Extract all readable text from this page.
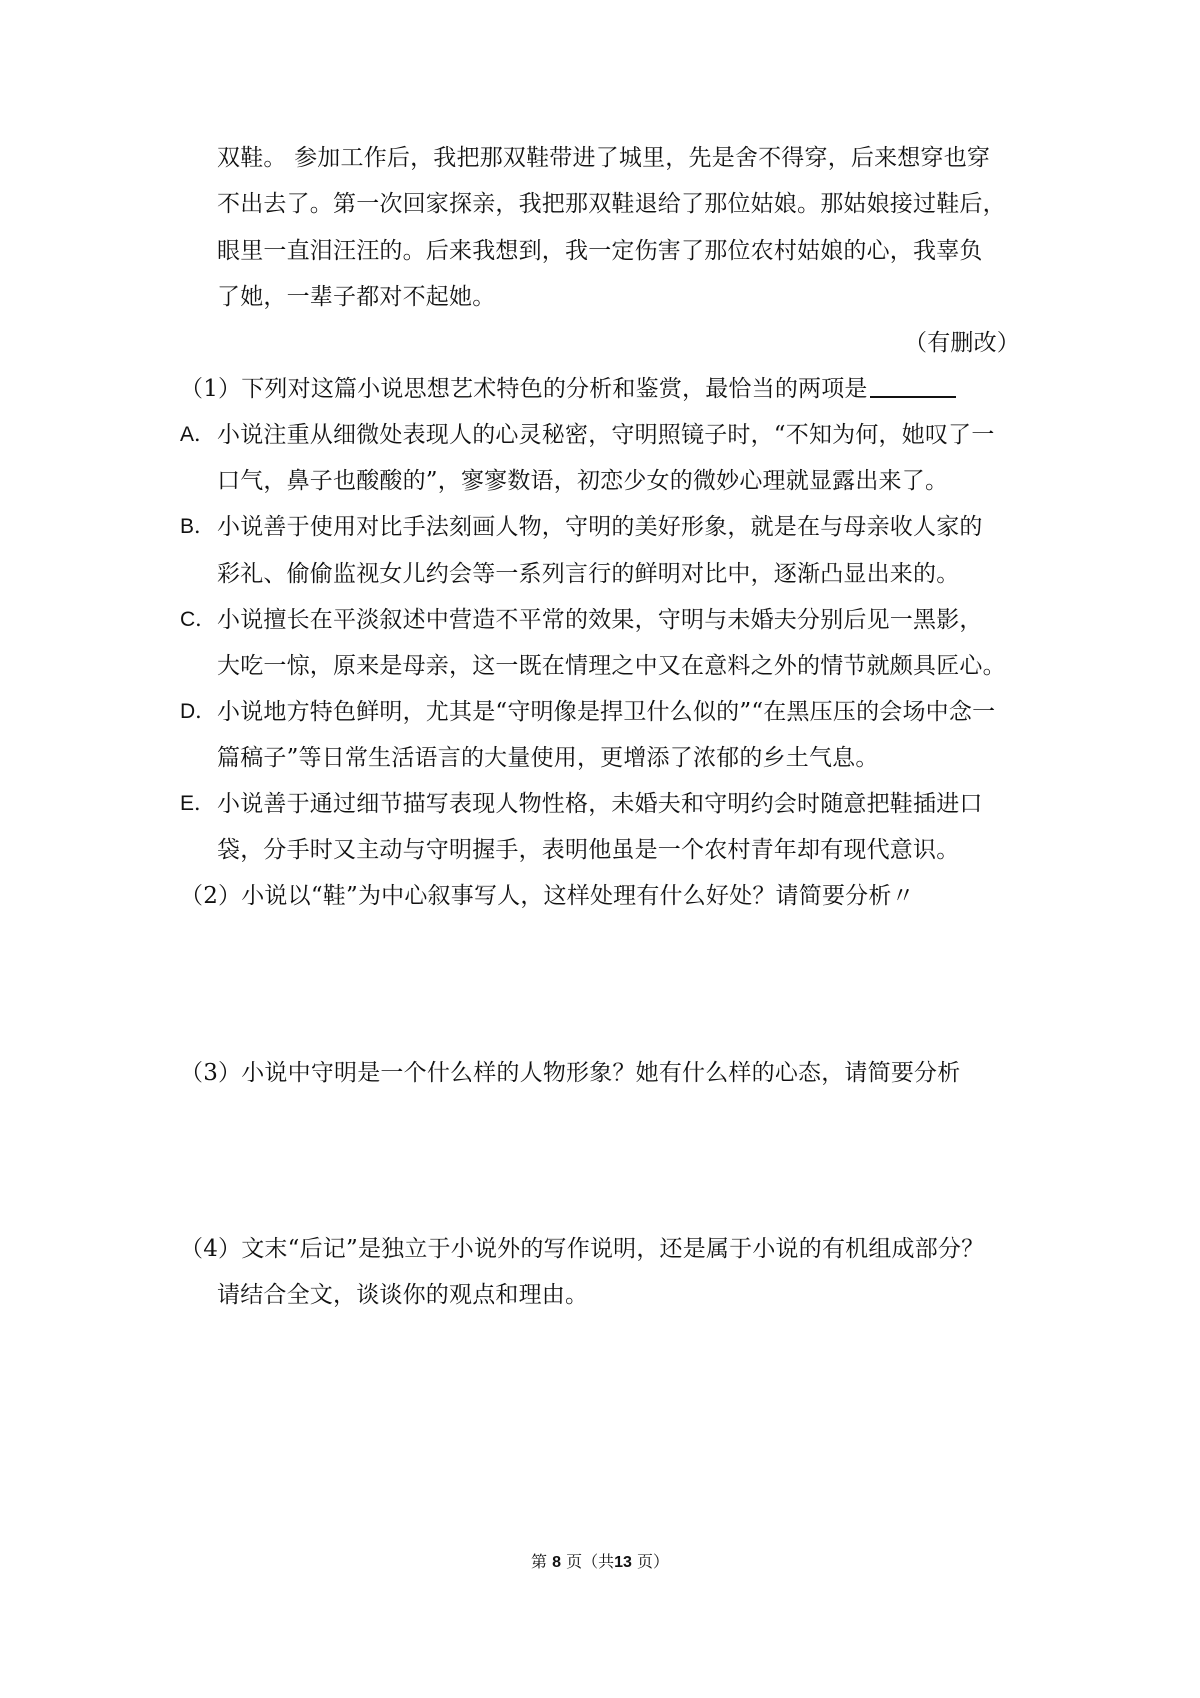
双鞋。 参加工作后，我把那双鞋带进了城里，先是舍不得穿，后来想穿也穿
不出去了。第一次回家探亲，我把那双鞋退给了那位姑娘。那姑娘接过鞋后，
眼里一直泪汪汪的。后来我想到，我一定伤害了那位农村姑娘的心，我辜负
了她，一辈子都对不起她。
（有删改）
（1）下列对这篇小说思想艺术特色的分析和鉴赏，最恰当的两项是
A． 小说注重从细微处表现人的心灵秘密，守明照镜子时，“不知为何，她叹了一
口气，鼻子也酸酸的”，寥寥数语，初恋少女的微妙心理就显露出来了。
B． 小说善于使用对比手法刻画人物，守明的美好形象，就是在与母亲收人家的
彩礼、偷偷监视女儿约会等一系列言行的鲜明对比中，逐渐凸显出来的。
C． 小说擅长在平淡叙述中营造不平常的效果，守明与未婚夫分别后见一黑影，
大吃一惊，原来是母亲，这一既在情理之中又在意料之外的情节就颇具匠心。
D． 小说地方特色鲜明，尤其是“守明像是捍卫什么似的”“在黑压压的会场中念一
篇稿子”等日常生活语言的大量使用，更增添了浓郁的乡土气息。
E． 小说善于通过细节描写表现人物性格，未婚夫和守明约会时随意把鞋插进口
袋，分手时又主动与守明握手，表明他虽是一个农村青年却有现代意识。
（2）小说以“鞋”为中心叙事写人，这样处理有什么好处？请简要分析〃
（3）小说中守明是一个什么样的人物形象？她有什么样的心态，请简要分析
（4）文末“后记”是独立于小说外的写作说明，还是属于小说的有机组成部分？
请结合全文，谈谈你的观点和理由。
第 8 页（共13 页）
